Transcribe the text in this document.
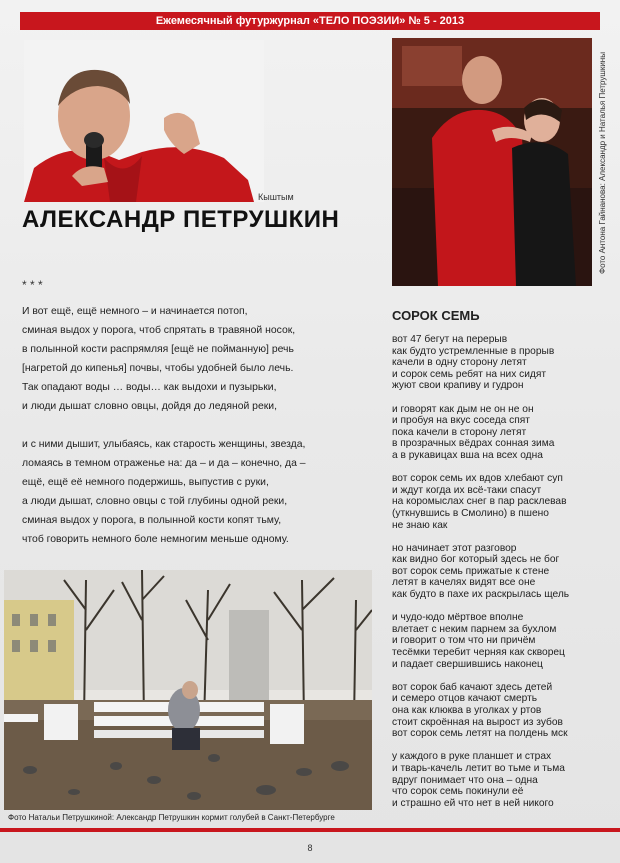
Ежемесячный футуржурнал «ТЕЛО ПОЭЗИИ» № 5 - 2013
Фото Антона Гайнанова: Александр и Наталья Петрушкины
Кыштым
АЛЕКСАНДР ПЕТРУШКИН
* * *
И вот ещё, ещё немного – и начинается потоп,
сминая выдох у порога, чтоб спрятать в травяной носок,
в полынной кости распрямляя [ещё не пойманную] речь
[нагретой до кипенья] почвы, чтобы удобней было лечь.
Так опадают воды … воды… как выдохи и пузырьки,
и люди дышат словно овцы, дойдя до ледяной реки,
и с ними дышит, улыбаясь, как старость женщины, звезда,
ломаясь в темном отраженье на: да – и да – конечно, да –
ещё, ещё её немного подержишь, выпустив с руки,
а люди дышат, словно овцы с той глубины одной реки,
сминая выдох у порога, в полынной кости копят тьму,
чтоб говорить немного боле немногим меньше одному.
СОРОК СЕМЬ
вот 47 бегут на перерыв
как будто устремленные в прорыв
качели в одну сторону летят
и сорок семь ребят на них сидят
жуют свои крапиву и гудрон
и говорят как дым не он не он
и пробуя на вкус соседа спят
пока качели в сторону летят
в прозрачных вёдрах сонная зима
а в рукавицах вша на всех одна
вот сорок семь их вдов хлебают суп
и ждут когда их всё-таки спасут
на коромыслах снег в пар расклевав
(уткнувшись в Смолино) в пшено
не знаю как
но начинает этот разговор
как видно бог который здесь не бог
вот сорок семь прижатые к стене
летят в качелях видят все оне
как будто в пахе их раскрылась щель
и чудо-юдо мёртвое вполне
влетает с неким парнем за бухлом
и говорит о том что ни причём
тесёмки теребит черняя как скворец
и падает свершившись наконец
вот сорок баб качают здесь детей
и семеро отцов качают смерть
она как клюква в уголках у ртов
стоит скроённая на вырост из зубов
вот сорок семь летят на полдень мск
у каждого в руке планшет и страх
и тварь-качель летит во тьме и тьма
вдруг понимает что она – одна
что сорок семь покинули её
и страшно ей что нет в ней никого
Фото Натальи Петрушкиной: Александр Петрушкин кормит голубей в Санкт-Петербурге
8
